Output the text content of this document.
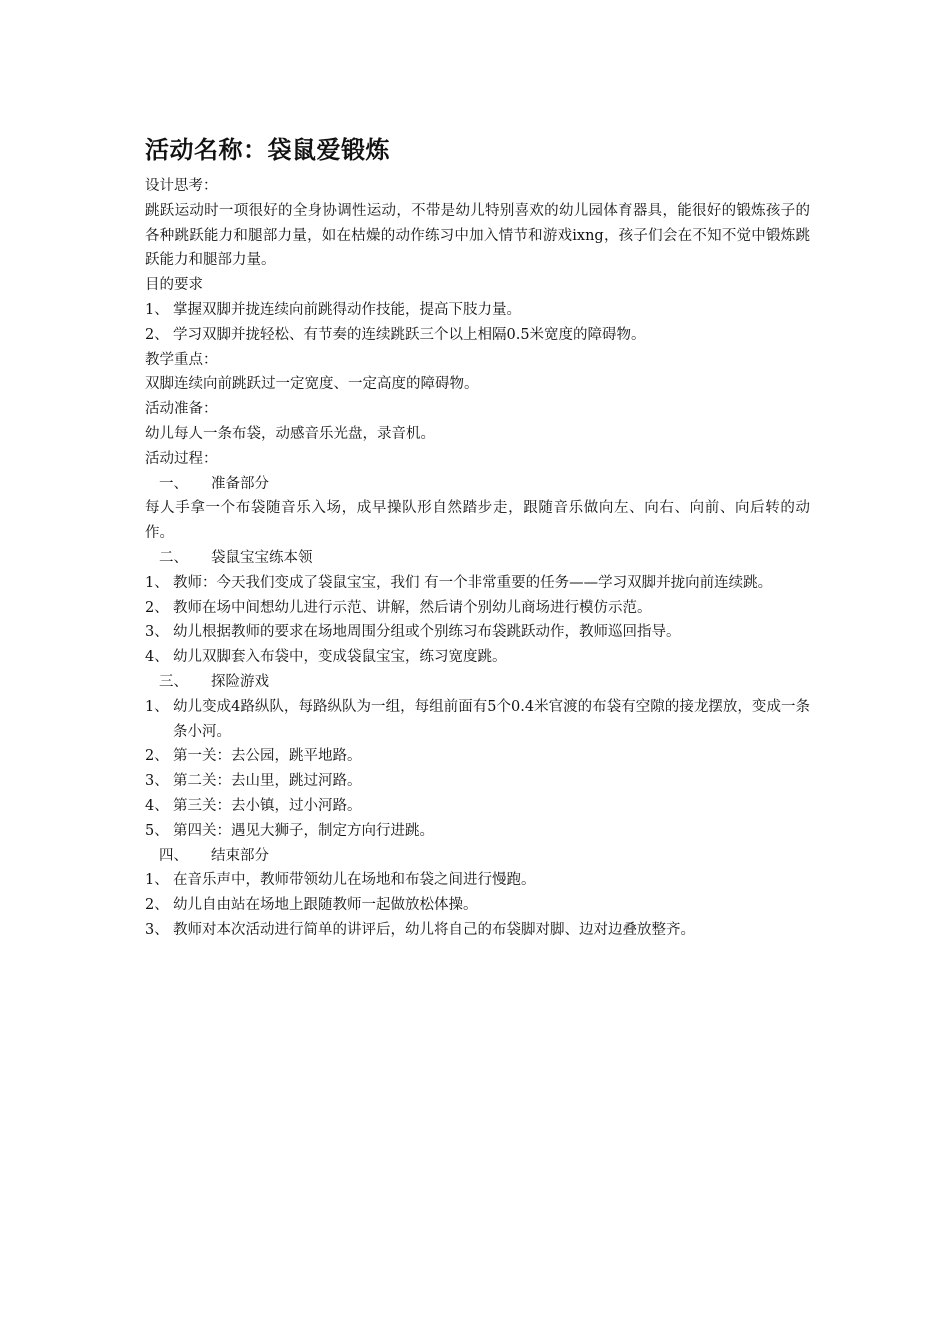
活动名称：袋鼠爱锻炼

设计思考：

跳跃运动时一项很好的全身协调性运动，不带是幼儿特别喜欢的幼儿园体育器具，能很好的锻炼孩子的各种跳跃能力和腿部力量，如在枯燥的动作练习中加入情节和游戏ixng，孩子们会在不知不觉中锻炼跳跃能力和腿部力量。

目的要求

1、 掌握双脚并拢连续向前跳得动作技能，提高下肢力量。

2、 学习双脚并拢轻松、有节奏的连续跳跃三个以上相隔0.5米宽度的障碍物。

教学重点：

双脚连续向前跳跃过一定宽度、一定高度的障碍物。

活动准备：

幼儿每人一条布袋，动感音乐光盘，录音机。

活动过程：

一、 准备部分

每人手拿一个布袋随音乐入场，成早操队形自然踏步走，跟随音乐做向左、向右、向前、向后转的动作。

二、 袋鼠宝宝练本领

1、 教师：今天我们变成了袋鼠宝宝，我们 有一个非常重要的任务——学习双脚并拢向前连续跳。

2、 教师在场中间想幼儿进行示范、讲解，然后请个别幼儿商场进行模仿示范。

3、 幼儿根据教师的要求在场地周围分组或个别练习布袋跳跃动作，教师巡回指导。

4、 幼儿双脚套入布袋中，变成袋鼠宝宝，练习宽度跳。

三、 探险游戏

1、 幼儿变成4路纵队，每路纵队为一组，每组前面有5个0.4米官渡的布袋有空隙的接龙摆放，变成一条条小河。

2、 第一关：去公园，跳平地路。

3、 第二关：去山里，跳过河路。

4、 第三关：去小镇，过小河路。

5、 第四关：遇见大狮子，制定方向行进跳。

四、 结束部分

1、 在音乐声中，教师带领幼儿在场地和布袋之间进行慢跑。

2、 幼儿自由站在场地上跟随教师一起做放松体操。

3、 教师对本次活动进行简单的讲评后，幼儿将自己的布袋脚对脚、边对边叠放整齐。
